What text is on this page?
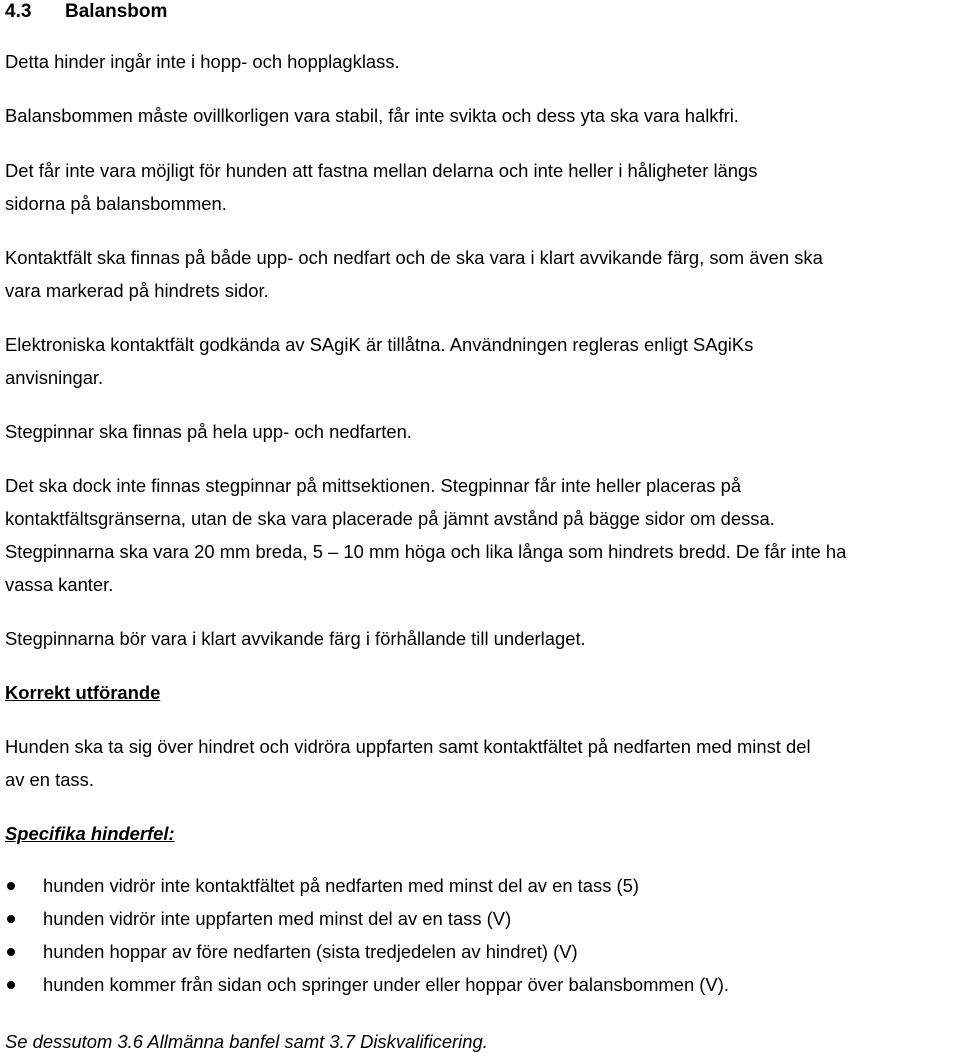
4.3 Balansbom

Detta hinder ingår inte i hopp- och hopplagklass.

Balansbommen måste ovillkorligen vara stabil, får inte svikta och dess yta ska vara halkfri.

Det får inte vara möjligt för hunden att fastna mellan delarna och inte heller i håligheter längs

sidorna på balansbommen.

Kontaktfält ska finnas på både upp- och nedfart och de ska vara i klart avvikande färg, som även ska

vara markerad på hindrets sidor.

Elektroniska kontaktfält godkända av SAgiK är tillåtna. Användningen regleras enligt SAgiKs

anvisningar.

Stegpinnar ska finnas på hela upp- och nedfarten.

Det ska dock inte finnas stegpinnar på mittsektionen. Stegpinnar får inte heller placeras på

kontaktfältsgränserna, utan de ska vara placerade på jämnt avstånd på bägge sidor om dessa.

Stegpinnarna ska vara 20 mm breda, 5 – 10 mm höga och lika långa som hindrets bredd. De får inte ha

vassa kanter.

Stegpinnarna bör vara i klart avvikande färg i förhållande till underlaget.

Korrekt utförande

Hunden ska ta sig över hindret och vidröra uppfarten samt kontaktfältet på nedfarten med minst del

av en tass.

Specifika hinderfel:

hunden vidrör inte kontaktfältet på nedfarten med minst del av en tass (5)
hunden vidrör inte uppfarten med minst del av en tass (V)
hunden hoppar av före nedfarten (sista tredjedelen av hindret) (V)
hunden kommer från sidan och springer under eller hoppar över balansbommen (V).

Se dessutom 3.6 Allmänna banfel samt 3.7 Diskvalificering.
